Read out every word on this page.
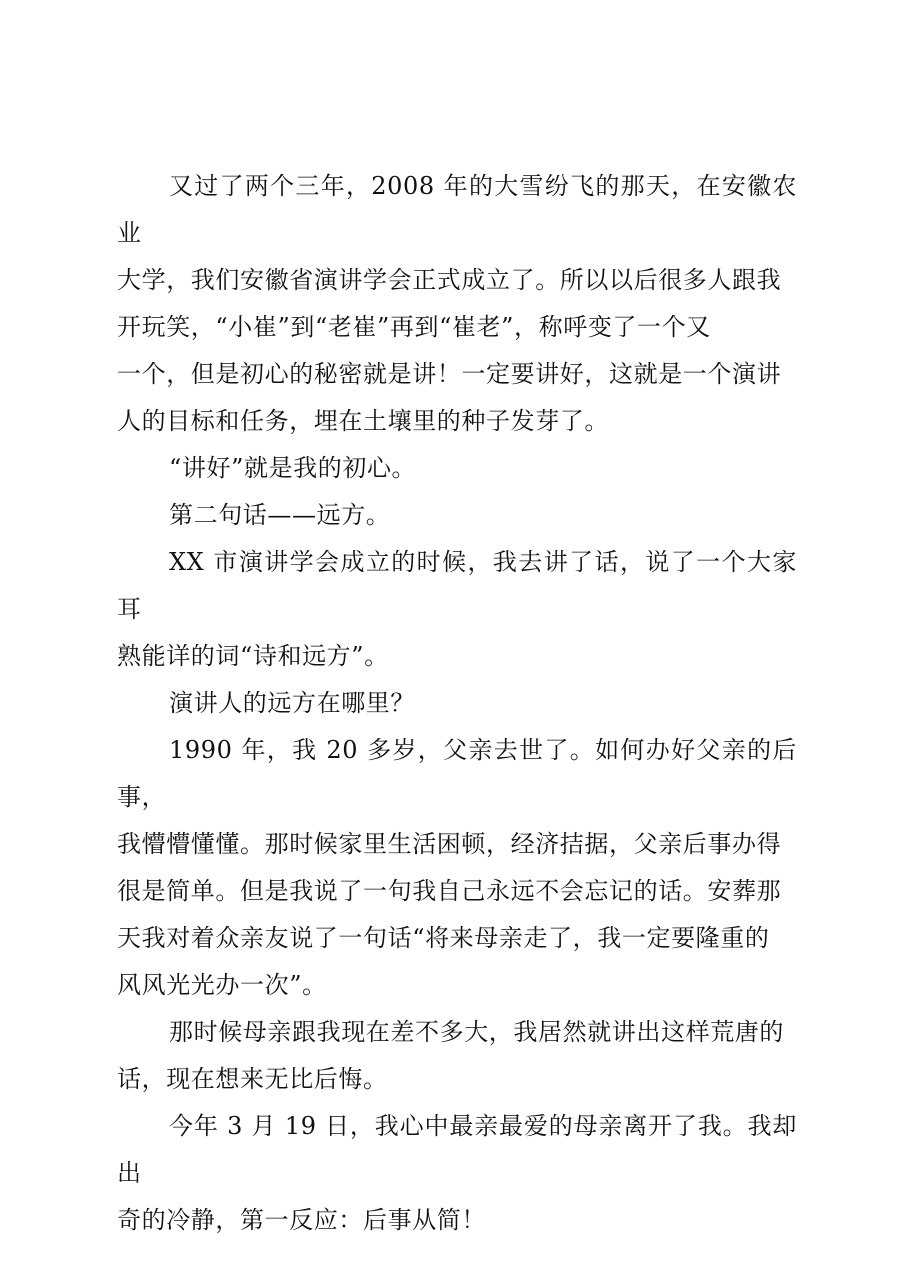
又过了两个三年，2008 年的大雪纷飞的那天，在安徽农业
大学，我们安徽省演讲学会正式成立了。所以以后很多人跟我
开玩笑，“小崔”到“老崔”再到“崔老”，称呼变了一个又
一个，但是初心的秘密就是讲！一定要讲好，这就是一个演讲
人的目标和任务，埋在土壤里的种子发芽了。

“讲好”就是我的初心。

第二句话——远方。

XX 市演讲学会成立的时候，我去讲了话，说了一个大家耳
熟能详的词“诗和远方”。

演讲人的远方在哪里？

1990 年，我 20 多岁，父亲去世了。如何办好父亲的后事，
我懵懵懂懂。那时候家里生活困顿，经济拮据，父亲后事办得
很是简单。但是我说了一句我自己永远不会忘记的话。安葬那
天我对着众亲友说了一句话“将来母亲走了，我一定要隆重的
风风光光办一次”。

那时候母亲跟我现在差不多大，我居然就讲出这样荒唐的
话，现在想来无比后悔。

今年 3 月 19 日，我心中最亲最爱的母亲离开了我。我却出
奇的冷静，第一反应：后事从简！
